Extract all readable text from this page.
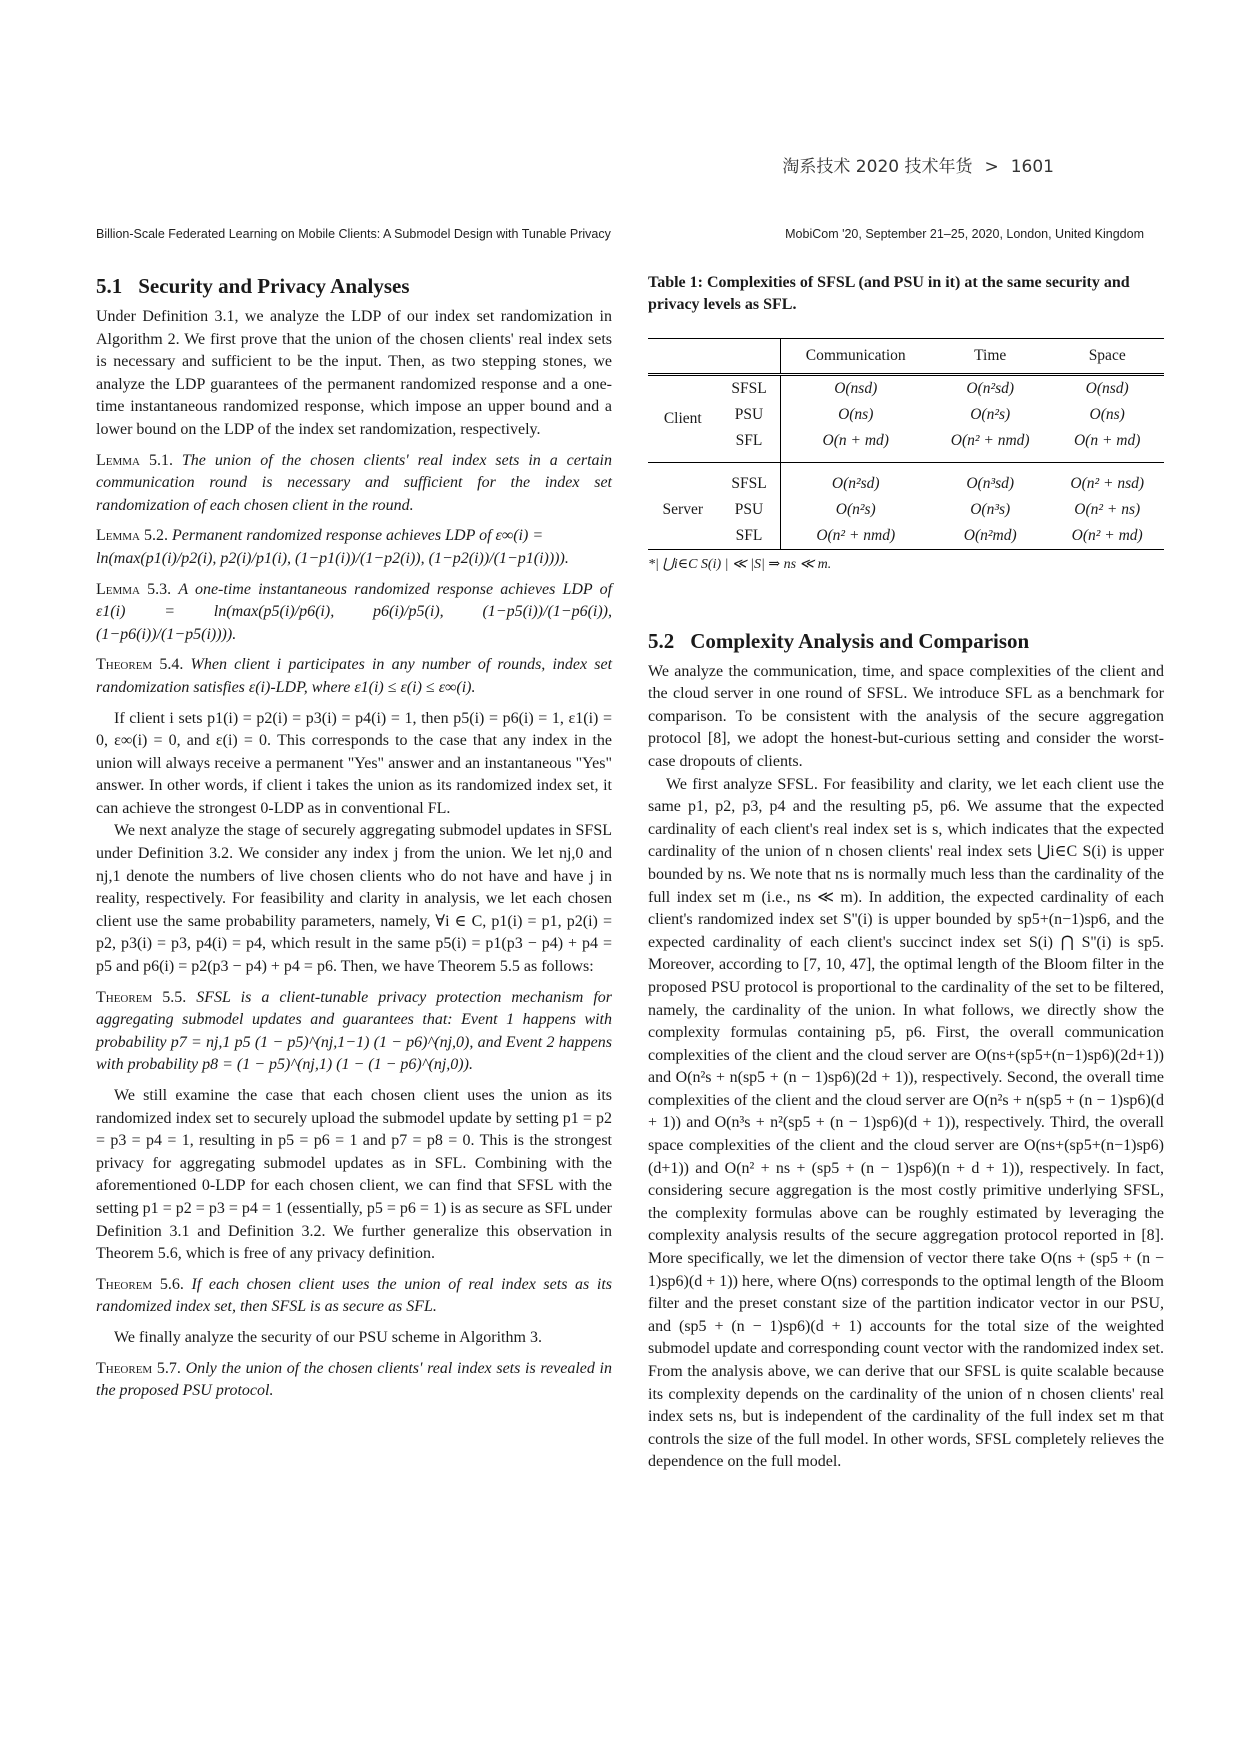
淘系技术 2020 技术年货 > 1601
Billion-Scale Federated Learning on Mobile Clients: A Submodel Design with Tunable Privacy	MobiCom '20, September 21–25, 2020, London, United Kingdom
5.1 Security and Privacy Analyses

Under Definition 3.1, we analyze the LDP of our index set randomization in Algorithm 2. We first prove that the union of the chosen clients' real index sets is necessary and sufficient to be the input. Then, as two stepping stones, we analyze the LDP guarantees of the permanent randomized response and a one-time instantaneous randomized response, which impose an upper bound and a lower bound on the LDP of the index set randomization, respectively.

Lemma 5.1. The union of the chosen clients' real index sets in a certain communication round is necessary and sufficient for the index set randomization of each chosen client in the round.
Lemma 5.2. Permanent randomized response achieves LDP of ε∞(i) =
ln(max(p1(i)/p2(i), p2(i)/p1(i), (1−p1(i))/(1−p2(i)), (1−p2(i))/(1−p1(i)))).
Lemma 5.3. A one-time instantaneous randomized response achieves LDP of ε1(i) = ln(max(p5(i)/p6(i), p6(i)/p5(i), (1−p5(i))/(1−p6(i)), (1−p6(i))/(1−p5(i)))).
Theorem 5.4. When client i participates in any number of rounds, index set randomization satisfies ε(i)-LDP, where ε1(i) ≤ ε(i) ≤ ε∞(i).

If client i sets p1(i) = p2(i) = p3(i) = p4(i) = 1, then p5(i) = p6(i) = 1, ε1(i) = 0, ε∞(i) = 0, and ε(i) = 0. This corresponds to the case that any index in the union will always receive a permanent "Yes" answer and an instantaneous "Yes" answer. In other words, if client i takes the union as its randomized index set, it can achieve the strongest 0-LDP as in conventional FL.

We next analyze the stage of securely aggregating submodel updates in SFSL under Definition 3.2. We consider any index j from the union. We let nj,0 and nj,1 denote the numbers of live chosen clients who do not have and have j in reality, respectively. For feasibility and clarity in analysis, we let each chosen client use the same probability parameters, namely, ∀i ∈ C, p1(i) = p1, p2(i) = p2, p3(i) = p3, p4(i) = p4, which result in the same p5(i) = p1(p3 − p4) + p4 = p5 and p6(i) = p2(p3 − p4) + p4 = p6. Then, we have Theorem 5.5 as follows:

Theorem 5.5. SFSL is a client-tunable privacy protection mechanism for aggregating submodel updates and guarantees that: Event 1 happens with probability p7 = nj,1 p5 (1 − p5)^(nj,1−1) (1 − p6)^(nj,0), and Event 2 happens with probability p8 = (1 − p5)^(nj,1) (1 − (1 − p6)^(nj,0)).

We still examine the case that each chosen client uses the union as its randomized index set to securely upload the submodel update by setting p1 = p2 = p3 = p4 = 1, resulting in p5 = p6 = 1 and p7 = p8 = 0. This is the strongest privacy for aggregating submodel updates as in SFL. Combining with the aforementioned 0-LDP for each chosen client, we can find that SFSL with the setting p1 = p2 = p3 = p4 = 1 (essentially, p5 = p6 = 1) is as secure as SFL under Definition 3.1 and Definition 3.2. We further generalize this observation in Theorem 5.6, which is free of any privacy definition.

Theorem 5.6. If each chosen client uses the union of real index sets as its randomized index set, then SFSL is as secure as SFL.

We finally analyze the security of our PSU scheme in Algorithm 3.

Theorem 5.7. Only the union of the chosen clients' real index sets is revealed in the proposed PSU protocol.

Table 1: Complexities of SFSL (and PSU in it) at the same security and privacy levels as SFL.

		Communication	Time	Space
Client	SFSL	O(nsd)	O(n²sd)	O(nsd)
	PSU	O(ns)	O(n²s)	O(ns)
	SFL	O(n + md)	O(n² + nmd)	O(n + md)
Server	SFSL	O(n²sd)	O(n³sd)	O(n² + nsd)
	PSU	O(n²s)	O(n³s)	O(n² + ns)
	SFL	O(n² + nmd)	O(n²md)	O(n² + md)
*| ⋃i∈C S(i) | ≪ |S| ⇒ ns ≪ m.
5.2 Complexity Analysis and Comparison

We analyze the communication, time, and space complexities of the client and the cloud server in one round of SFSL. We introduce SFL as a benchmark for comparison. To be consistent with the analysis of the secure aggregation protocol [8], we adopt the honest-but-curious setting and consider the worst-case dropouts of clients.

We first analyze SFSL. For feasibility and clarity, we let each client use the same p1, p2, p3, p4 and the resulting p5, p6. We assume that the expected cardinality of each client's real index set is s, which indicates that the expected cardinality of the union of n chosen clients' real index sets ⋃i∈C S(i) is upper bounded by ns. We note that ns is normally much less than the cardinality of the full index set m (i.e., ns ≪ m). In addition, the expected cardinality of each client's randomized index set S''(i) is upper bounded by sp5+(n−1)sp6, and the expected cardinality of each client's succinct index set S(i) ⋂ S''(i) is sp5. Moreover, according to [7, 10, 47], the optimal length of the Bloom filter in the proposed PSU protocol is proportional to the cardinality of the set to be filtered, namely, the cardinality of the union. In what follows, we directly show the complexity formulas containing p5, p6. First, the overall communication complexities of the client and the cloud server are O(ns+(sp5+(n−1)sp6)(2d+1)) and O(n²s + n(sp5 + (n − 1)sp6)(2d + 1)), respectively. Second, the overall time complexities of the client and the cloud server are O(n²s + n(sp5 + (n − 1)sp6)(d + 1)) and O(n³s + n²(sp5 + (n − 1)sp6)(d + 1)), respectively. Third, the overall space complexities of the client and the cloud server are O(ns+(sp5+(n−1)sp6)(d+1)) and O(n² + ns + (sp5 + (n − 1)sp6)(n + d + 1)), respectively. In fact, considering secure aggregation is the most costly primitive underlying SFSL, the complexity formulas above can be roughly estimated by leveraging the complexity analysis results of the secure aggregation protocol reported in [8]. More specifically, we let the dimension of vector there take O(ns + (sp5 + (n − 1)sp6)(d + 1)) here, where O(ns) corresponds to the optimal length of the Bloom filter and the preset constant size of the partition indicator vector in our PSU, and (sp5 + (n − 1)sp6)(d + 1) accounts for the total size of the weighted submodel update and corresponding count vector with the randomized index set. From the analysis above, we can derive that our SFSL is quite scalable because its complexity depends on the cardinality of the union of n chosen clients' real index sets ns, but is independent of the cardinality of the full index set m that controls the size of the full model. In other words, SFSL completely relieves the dependence on the full model.
